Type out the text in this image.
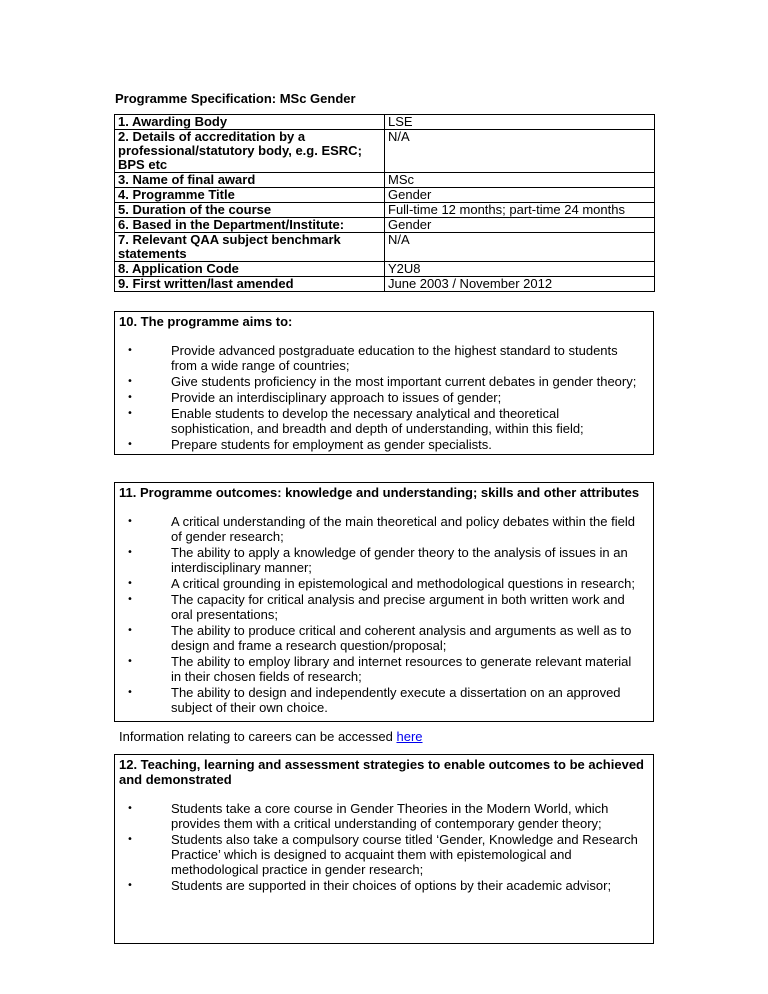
Programme Specification: MSc Gender
1. Awarding Body	LSE

2. Details of accreditation by a
professional/statutory body, e.g. ESRC;
BPS etc	N/A

3. Name of final award	MSc

4. Programme Title	Gender

5. Duration of the course	Full-time 12 months; part-time 24 months

6. Based in the Department/Institute:	Gender

7. Relevant QAA subject benchmark
statements	N/A

8. Application Code	Y2U8

9. First written/last amended	June 2003 / November 2012
10. The programme aims to:
• Provide advanced postgraduate education to the highest standard to students
from a wide range of countries;
• Give students proficiency in the most important current debates in gender theory;
• Provide an interdisciplinary approach to issues of gender;
• Enable students to develop the necessary analytical and theoretical
sophistication, and breadth and depth of understanding, within this field;
• Prepare students for employment as gender specialists.
11. Programme outcomes: knowledge and understanding; skills and other attributes
• A critical understanding of the main theoretical and policy debates within the field
of gender research;
• The ability to apply a knowledge of gender theory to the analysis of issues in an
interdisciplinary manner;
• A critical grounding in epistemological and methodological questions in research;
• The capacity for critical analysis and precise argument in both written work and
oral presentations;
• The ability to produce critical and coherent analysis and arguments as well as to
design and frame a research question/proposal;
• The ability to employ library and internet resources to generate relevant material
in their chosen fields of research;
• The ability to design and independently execute a dissertation on an approved
subject of their own choice.
Information relating to careers can be accessed here
12. Teaching, learning and assessment strategies to enable outcomes to be achieved
and demonstrated
• Students take a core course in Gender Theories in the Modern World, which
provides them with a critical understanding of contemporary gender theory;
• Students also take a compulsory course titled ‘Gender, Knowledge and Research
Practice’ which is designed to acquaint them with epistemological and
methodological practice in gender research;
• Students are supported in their choices of options by their academic advisor;
